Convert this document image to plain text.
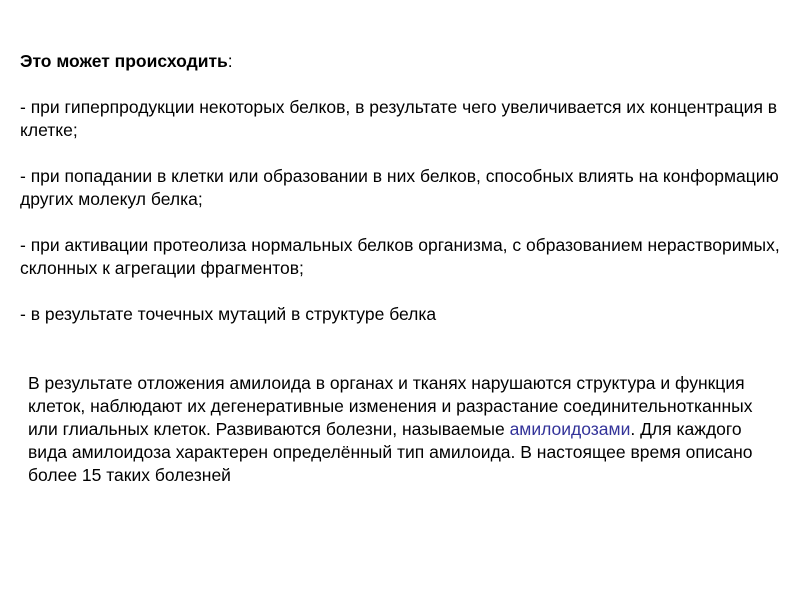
Это может происходить:

- при гиперпродукции некоторых белков, в результате чего увеличивается их концентрация в клетке;

- при попадании в клетки или образовании в них белков, способных влиять на конформацию других молекул белка;

- при активации протеолиза нормальных белков организма, с образованием нерастворимых, склонных к агрегации фрагментов;

- в результате точечных мутаций в структуре белка

В результате отложения амилоида в органах и тканях нарушаются структура и функция клеток, наблюдают их дегенеративные изменения и разрастание соединительнотканных или глиальных клеток. Развиваются болезни, называемые амилоидозами. Для каждого вида амилоидоза характерен определённый тип амилоида. В настоящее время описано более 15 таких болезней
